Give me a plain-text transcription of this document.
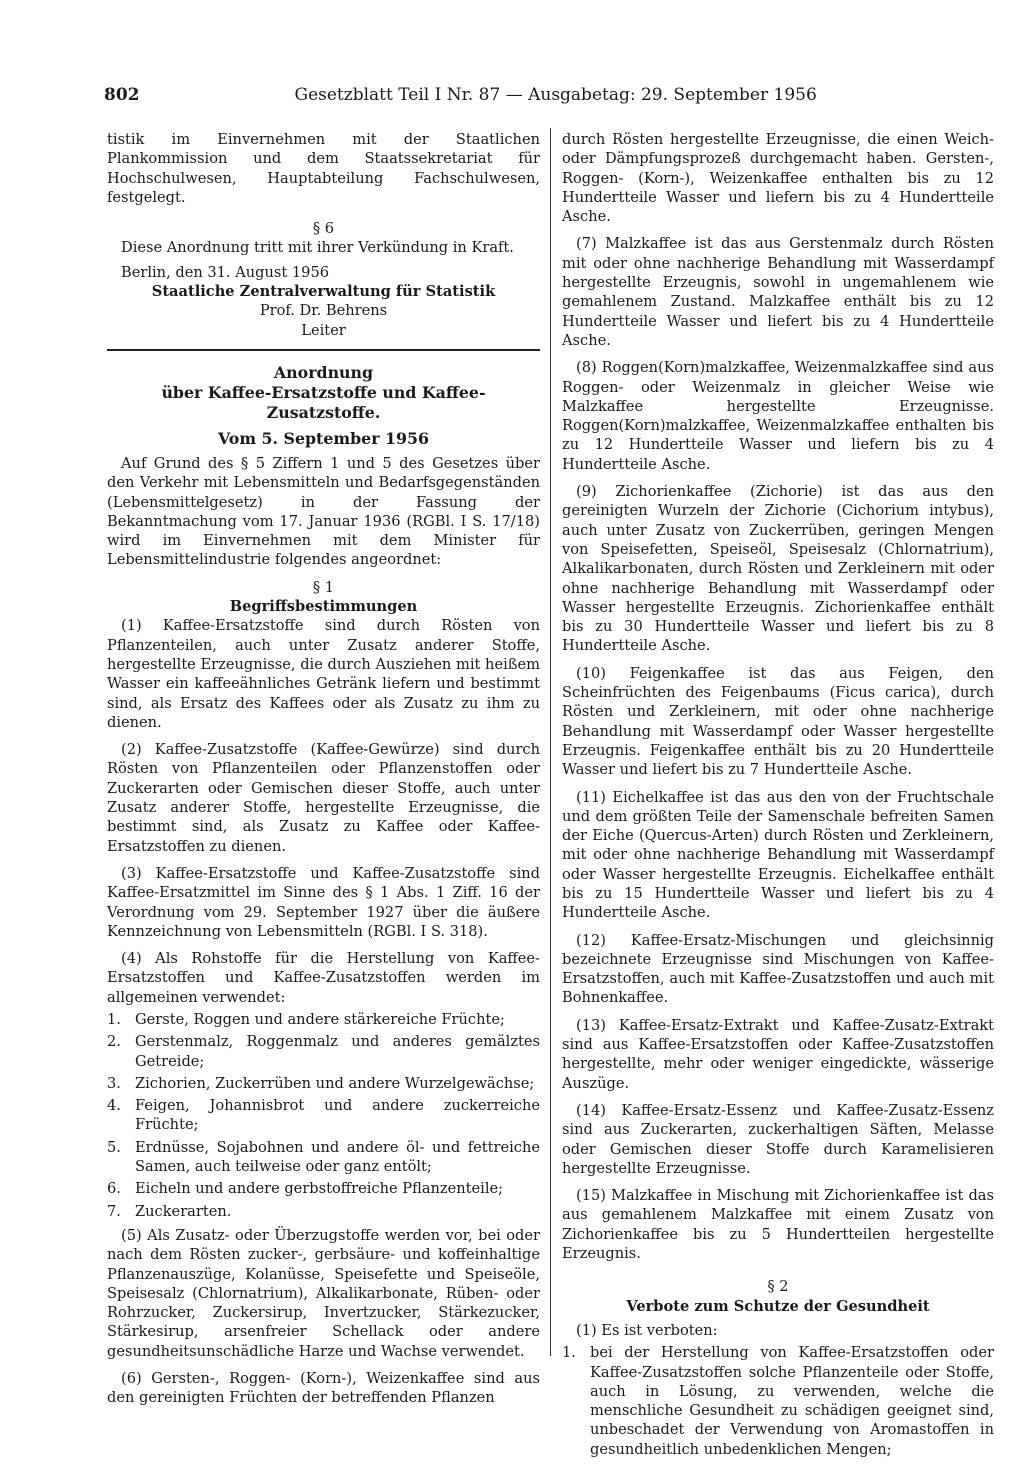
802	Gesetzblatt Teil I Nr. 87 — Ausgabetag: 29. September 1956

tistik im Einvernehmen mit der Staatlichen Plankommission und dem Staatssekretariat für Hochschulwesen, Hauptabteilung Fachschulwesen, festgelegt.

§ 6

Diese Anordnung tritt mit ihrer Verkündung in Kraft.

Berlin, den 31. August 1956

Staatliche Zentralverwaltung für Statistik

Prof. Dr. Behrens

Leiter

Anordnung

über Kaffee-Ersatzstoffe und Kaffee-Zusatzstoffe.

Vom 5. September 1956

Auf Grund des § 5 Ziffern 1 und 5 des Gesetzes über den Verkehr mit Lebensmitteln und Bedarfsgegenständen (Lebensmittelgesetz) in der Fassung der Bekanntmachung vom 17. Januar 1936 (RGBl. I S. 17/18) wird im Einvernehmen mit dem Minister für Lebensmittelindustrie folgendes angeordnet:

§ 1

Begriffsbestimmungen

(1) Kaffee-Ersatzstoffe sind durch Rösten von Pflanzenteilen, auch unter Zusatz anderer Stoffe, hergestellte Erzeugnisse, die durch Ausziehen mit heißem Wasser ein kaffeeähnliches Getränk liefern und bestimmt sind, als Ersatz des Kaffees oder als Zusatz zu ihm zu dienen.

(2) Kaffee-Zusatzstoffe (Kaffee-Gewürze) sind durch Rösten von Pflanzenteilen oder Pflanzenstoffen oder Zuckerarten oder Gemischen dieser Stoffe, auch unter Zusatz anderer Stoffe, hergestellte Erzeugnisse, die bestimmt sind, als Zusatz zu Kaffee oder Kaffee-Ersatzstoffen zu dienen.

(3) Kaffee-Ersatzstoffe und Kaffee-Zusatzstoffe sind Kaffee-Ersatzmittel im Sinne des § 1 Abs. 1 Ziff. 16 der Verordnung vom 29. September 1927 über die äußere Kennzeichnung von Lebensmitteln (RGBl. I S. 318).

(4) Als Rohstoffe für die Herstellung von Kaffee-Ersatzstoffen und Kaffee-Zusatzstoffen werden im allgemeinen verwendet:

1. Gerste, Roggen und andere stärkereiche Früchte;
2. Gerstenmalz, Roggenmalz und anderes gemälztes Getreide;
3. Zichorien, Zuckerrüben und andere Wurzelgewächse;
4. Feigen, Johannisbrot und andere zuckerreiche Früchte;
5. Erdnüsse, Sojabohnen und andere öl- und fettreiche Samen, auch teilweise oder ganz entölt;
6. Eicheln und andere gerbstoffreiche Pflanzenteile;
7. Zuckerarten.

(5) Als Zusatz- oder Überzugstoffe werden vor, bei oder nach dem Rösten zucker-, gerbsäure- und koffeinhaltige Pflanzenauszüge, Kolanüsse, Speisefette und Speiseöle, Speisesalz (Chlornatrium), Alkalikarbonate, Rüben- oder Rohrzucker, Zuckersirup, Invertzucker, Stärkezucker, Stärkesirup, arsenfreier Schellack oder andere gesundheitsunschädliche Harze und Wachse verwendet.

(6) Gersten-, Roggen- (Korn-), Weizenkaffee sind aus den gereinigten Früchten der betreffenden Pflanzen

durch Rösten hergestellte Erzeugnisse, die einen Weich- oder Dämpfungsprozeß durchgemacht haben. Gersten-, Roggen- (Korn-), Weizenkaffee enthalten bis zu 12 Hundertteile Wasser und liefern bis zu 4 Hundertteile Asche.

(7) Malzkaffee ist das aus Gerstenmalz durch Rösten mit oder ohne nachherige Behandlung mit Wasserdampf hergestellte Erzeugnis, sowohl in ungemahlenem wie gemahlenem Zustand. Malzkaffee enthält bis zu 12 Hundertteile Wasser und liefert bis zu 4 Hundertteile Asche.

(8) Roggen(Korn)malzkaffee, Weizenmalzkaffee sind aus Roggen- oder Weizenmalz in gleicher Weise wie Malzkaffee hergestellte Erzeugnisse. Roggen(Korn)malzkaffee, Weizenmalzkaffee enthalten bis zu 12 Hundertteile Wasser und liefern bis zu 4 Hundertteile Asche.

(9) Zichorienkaffee (Zichorie) ist das aus den gereinigten Wurzeln der Zichorie (Cichorium intybus), auch unter Zusatz von Zuckerrüben, geringen Mengen von Speisefetten, Speiseöl, Speisesalz (Chlornatrium), Alkalikarbonaten, durch Rösten und Zerkleinern mit oder ohne nachherige Behandlung mit Wasserdampf oder Wasser hergestellte Erzeugnis. Zichorienkaffee enthält bis zu 30 Hundertteile Wasser und liefert bis zu 8 Hundertteile Asche.

(10) Feigenkaffee ist das aus Feigen, den Scheinfrüchten des Feigenbaums (Ficus carica), durch Rösten und Zerkleinern, mit oder ohne nachherige Behandlung mit Wasserdampf oder Wasser hergestellte Erzeugnis. Feigenkaffee enthält bis zu 20 Hundertteile Wasser und liefert bis zu 7 Hundertteile Asche.

(11) Eichelkaffee ist das aus den von der Fruchtschale und dem größten Teile der Samenschale befreiten Samen der Eiche (Quercus-Arten) durch Rösten und Zerkleinern, mit oder ohne nachherige Behandlung mit Wasserdampf oder Wasser hergestellte Erzeugnis. Eichelkaffee enthält bis zu 15 Hundertteile Wasser und liefert bis zu 4 Hundertteile Asche.

(12) Kaffee-Ersatz-Mischungen und gleichsinnig bezeichnete Erzeugnisse sind Mischungen von Kaffee-Ersatzstoffen, auch mit Kaffee-Zusatzstoffen und auch mit Bohnenkaffee.

(13) Kaffee-Ersatz-Extrakt und Kaffee-Zusatz-Extrakt sind aus Kaffee-Ersatzstoffen oder Kaffee-Zusatzstoffen hergestellte, mehr oder weniger eingedickte, wässerige Auszüge.

(14) Kaffee-Ersatz-Essenz und Kaffee-Zusatz-Essenz sind aus Zuckerarten, zuckerhaltigen Säften, Melasse oder Gemischen dieser Stoffe durch Karamelisieren hergestellte Erzeugnisse.

(15) Malzkaffee in Mischung mit Zichorienkaffee ist das aus gemahlenem Malzkaffee mit einem Zusatz von Zichorienkaffee bis zu 5 Hundertteilen hergestellte Erzeugnis.

§ 2

Verbote zum Schutze der Gesundheit

(1) Es ist verboten:

1. bei der Herstellung von Kaffee-Ersatzstoffen oder Kaffee-Zusatzstoffen solche Pflanzenteile oder Stoffe, auch in Lösung, zu verwenden, welche die menschliche Gesundheit zu schädigen geeignet sind, unbeschadet der Verwendung von Aromastoffen in gesundheitlich unbedenklichen Mengen;
